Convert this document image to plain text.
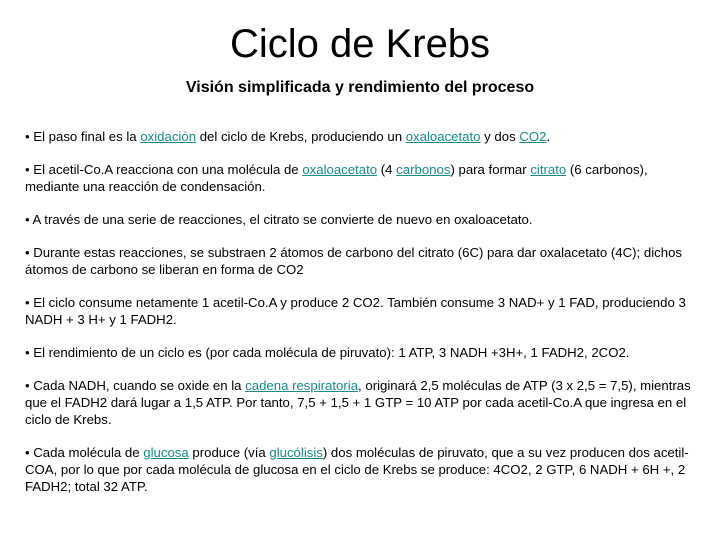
Ciclo de Krebs
Visión simplificada y rendimiento del proceso
• El paso final es la oxidación del ciclo de Krebs, produciendo un oxaloacetato y dos CO2.
• El acetil-Co.A reacciona con una molécula de oxaloacetato (4 carbonos) para formar citrato (6 carbonos), mediante una reacción de condensación.
• A través de una serie de reacciones, el citrato se convierte de nuevo en oxaloacetato.
• Durante estas reacciones, se substraen 2 átomos de carbono del citrato (6C) para dar oxalacetato (4C); dichos átomos de carbono se liberan en forma de CO2
• El ciclo consume netamente 1 acetil-Co.A y produce 2 CO2. También consume 3 NAD+ y 1 FAD, produciendo 3 NADH + 3 H+ y 1 FADH2.
• El rendimiento de un ciclo es (por cada molécula de piruvato): 1 ATP, 3 NADH +3H+, 1 FADH2, 2CO2.
• Cada NADH, cuando se oxide en la cadena respiratoria, originará 2,5 moléculas de ATP (3 x 2,5 = 7,5), mientras que el FADH2 dará lugar a 1,5 ATP. Por tanto, 7,5 + 1,5 + 1 GTP = 10 ATP por cada acetil-Co.A que ingresa en el ciclo de Krebs.
• Cada molécula de glucosa produce (vía glucólisis) dos moléculas de piruvato, que a su vez producen dos acetil-COA, por lo que por cada molécula de glucosa en el ciclo de Krebs se produce: 4CO2, 2 GTP, 6 NADH + 6H +, 2 FADH2; total 32 ATP.
